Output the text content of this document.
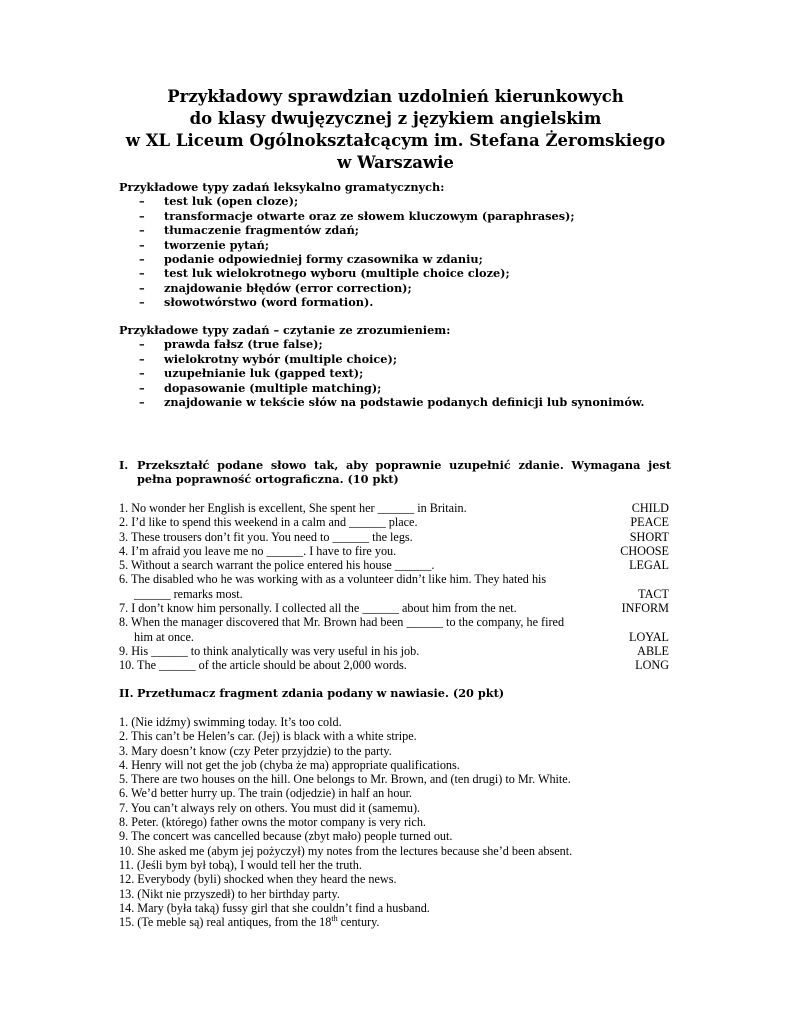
Przykładowy sprawdzian uzdolnień kierunkowych
do klasy dwujęzycznej z językiem angielskim
w XL Liceum Ogólnokształcącym im. Stefana Żeromskiego
w Warszawie
Przykładowe typy zadań leksykalno gramatycznych:
– test luk (open cloze);
– transformacje otwarte oraz ze słowem kluczowym (paraphrases);
– tłumaczenie fragmentów zdań;
– tworzenie pytań;
– podanie odpowiedniej formy czasownika w zdaniu;
– test luk wielokrotnego wyboru (multiple choice cloze);
– znajdowanie błędów (error correction);
– słowotwórstwo (word formation).
Przykładowe typy zadań – czytanie ze zrozumieniem:
– prawda fałsz (true false);
– wielokrotny wybór (multiple choice);
– uzupełnianie luk (gapped text);
– dopasowanie (multiple matching);
– znajdowanie w tekście słów na podstawie podanych definicji lub synonimów.
I. Przekształć podane słowo tak, aby poprawnie uzupełnić zdanie. Wymagana jest pełna poprawność ortograficzna. (10 pkt)
1. No wonder her English is excellent, She spent her ______ in Britain.	CHILD
2. I’d like to spend this weekend in a calm and ______ place.	PEACE
3. These trousers don’t fit you. You need to ______ the legs.	SHORT
4. I’m afraid you leave me no ______. I have to fire you.	CHOOSE
5. Without a search warrant the police entered his house ______.	LEGAL
6. The disabled who he was working with as a volunteer didn’t like him. They hated his
______ remarks most.	TACT
7. I don’t know him personally. I collected all the ______ about him from the net.	INFORM
8. When the manager discovered that Mr. Brown had been ______ to the company, he fired
him at once.	LOYAL
9. His ______ to think analytically was very useful in his job.	ABLE
10. The ______ of the article should be about 2,000 words.	LONG
II. Przetłumacz fragment zdania podany w nawiasie. (20 pkt)
1. (Nie idźmy) swimming today. It’s too cold.
2. This can’t be Helen’s car. (Jej) is black with a white stripe.
3. Mary doesn’t know (czy Peter przyjdzie) to the party.
4. Henry will not get the job (chyba że ma) appropriate qualifications.
5. There are two houses on the hill. One belongs to Mr. Brown, and (ten drugi) to Mr. White.
6. We’d better hurry up. The train (odjedzie) in half an hour.
7. You can’t always rely on others. You must did it (samemu).
8. Peter. (którego) father owns the motor company is very rich.
9. The concert was cancelled because (zbyt mało) people turned out.
10. She asked me (abym jej pożyczył) my notes from the lectures because she’d been absent.
11. (Jeśli bym był tobą), I would tell her the truth.
12. Everybody (byli) shocked when they heard the news.
13. (Nikt nie przyszedł) to her birthday party.
14. Mary (była taką) fussy girl that she couldn’t find a husband.
15. (Te meble są) real antiques, from the 18th century.
